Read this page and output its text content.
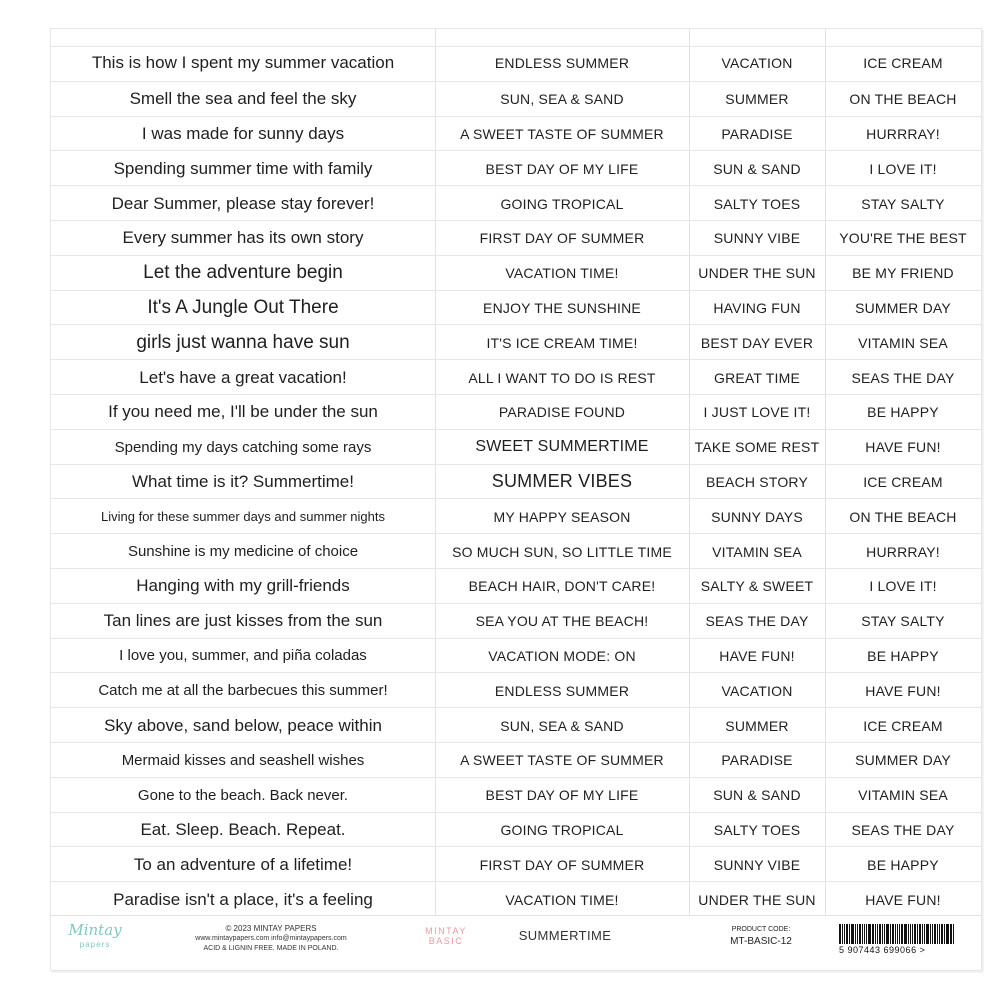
This is how I spent my summer vacation	ENDLESS SUMMER	VACATION	ICE CREAM
Smell the sea and feel the sky	SUN, SEA & SAND	SUMMER	ON THE BEACH
I was made for sunny days	A SWEET TASTE OF SUMMER	PARADISE	HURRRAY!
Spending summer time with family	BEST DAY OF MY LIFE	SUN & SAND	I LOVE IT!
Dear Summer, please stay forever!	GOING TROPICAL	SALTY TOES	STAY SALTY
Every summer has its own story	FIRST DAY OF SUMMER	SUNNY VIBE	YOU'RE THE BEST
Let the adventure begin	VACATION TIME!	UNDER THE SUN	BE MY FRIEND
It's A Jungle Out There	ENJOY THE SUNSHINE	HAVING FUN	SUMMER DAY
girls just wanna have sun	IT'S ICE CREAM TIME!	BEST DAY EVER	VITAMIN SEA
Let's have a great vacation!	ALL I WANT TO DO IS REST	GREAT TIME	SEAS THE DAY
If you need me, I'll be under the sun	PARADISE FOUND	I JUST LOVE IT!	BE HAPPY
Spending my days catching some rays	SWEET SUMMERTIME	TAKE SOME REST	HAVE FUN!
What time is it? Summertime!	SUMMER VIBES	BEACH STORY	ICE CREAM
Living for these summer days and summer nights	MY HAPPY SEASON	SUNNY DAYS	ON THE BEACH
Sunshine is my medicine of choice	SO MUCH SUN, SO LITTLE TIME	VITAMIN SEA	HURRRAY!
Hanging with my grill-friends	BEACH HAIR, DON'T CARE!	SALTY & SWEET	I LOVE IT!
Tan lines are just kisses from the sun	SEA YOU AT THE BEACH!	SEAS THE DAY	STAY SALTY
I love you, summer, and piña coladas	VACATION MODE: ON	HAVE FUN!	BE HAPPY
Catch me at all the barbecues this summer!	ENDLESS SUMMER	VACATION	HAVE FUN!
Sky above, sand below, peace within	SUN, SEA & SAND	SUMMER	ICE CREAM
Mermaid kisses and seashell wishes	A SWEET TASTE OF SUMMER	PARADISE	SUMMER DAY
Gone to the beach. Back never.	BEST DAY OF MY LIFE	SUN & SAND	VITAMIN SEA
Eat. Sleep. Beach. Repeat.	GOING TROPICAL	SALTY TOES	SEAS THE DAY
To an adventure of a lifetime!	FIRST DAY OF SUMMER	SUNNY VIBE	BE HAPPY
Paradise isn't a place, it's a feeling	VACATION TIME!	UNDER THE SUN	HAVE FUN!
Mintay
papers
© 2023 MINTAY PAPERS
www.mintaypapers.com info@mintaypapers.com
ACID & LIGNIN FREE. MADE IN POLAND.
MINTAY
BASIC	SUMMERTIME	PRODUCT CODE:
MT-BASIC-12
5 907443 699066 >
